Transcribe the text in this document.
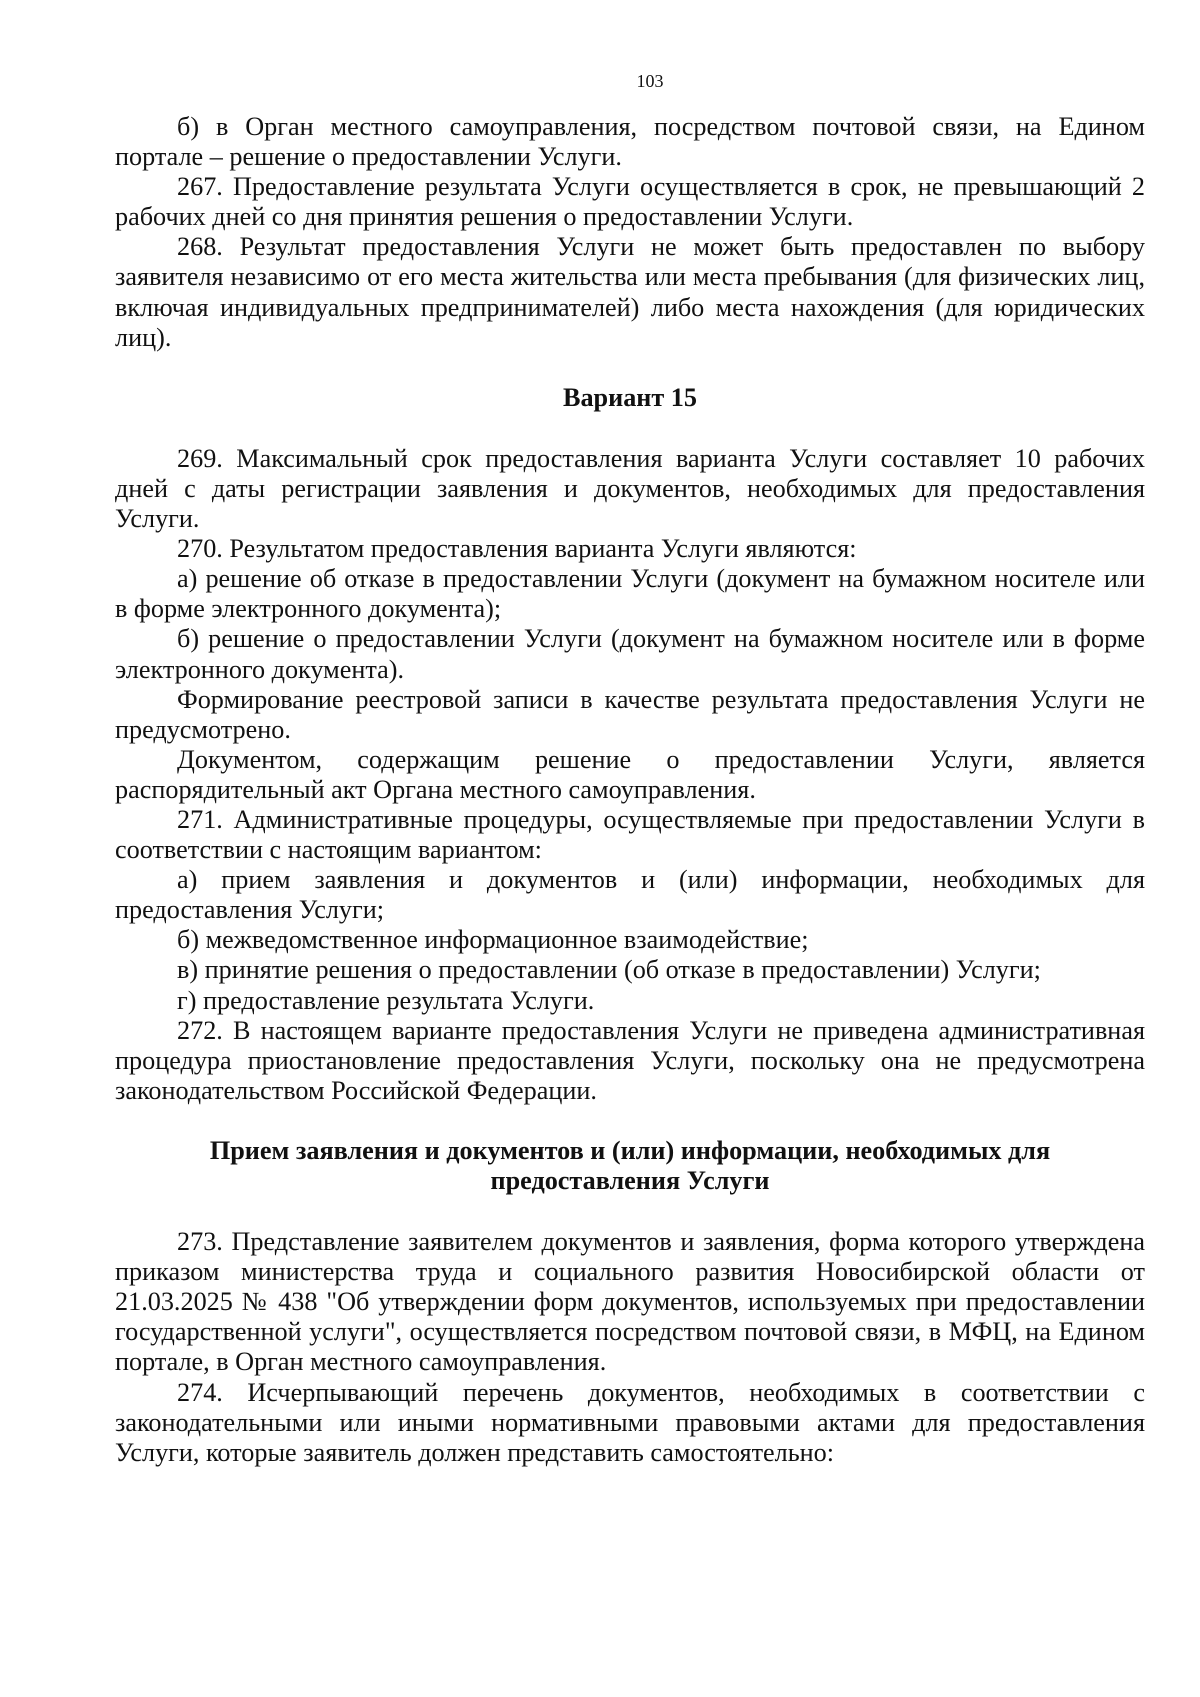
103

б) в Орган местного самоуправления, посредством почтовой связи, на Едином портале – решение о предоставлении Услуги.

267. Предоставление результата Услуги осуществляется в срок, не превышающий 2 рабочих дней со дня принятия решения о предоставлении Услуги.

268. Результат предоставления Услуги не может быть предоставлен по выбору заявителя независимо от его места жительства или места пребывания (для физических лиц, включая индивидуальных предпринимателей) либо места нахождения (для юридических лиц).

Вариант 15

269. Максимальный срок предоставления варианта Услуги составляет 10 рабочих дней с даты регистрации заявления и документов, необходимых для предоставления Услуги.

270. Результатом предоставления варианта Услуги являются:

а) решение об отказе в предоставлении Услуги (документ на бумажном носителе или в форме электронного документа);

б) решение о предоставлении Услуги (документ на бумажном носителе или в форме электронного документа).

Формирование реестровой записи в качестве результата предоставления Услуги не предусмотрено.

Документом, содержащим решение о предоставлении Услуги, является распорядительный акт Органа местного самоуправления.

271. Административные процедуры, осуществляемые при предоставлении Услуги в соответствии с настоящим вариантом:

а) прием заявления и документов и (или) информации, необходимых для предоставления Услуги;

б) межведомственное информационное взаимодействие;

в) принятие решения о предоставлении (об отказе в предоставлении) Услуги;

г) предоставление результата Услуги.

272. В настоящем варианте предоставления Услуги не приведена административная процедура приостановление предоставления Услуги, поскольку она не предусмотрена законодательством Российской Федерации.

Прием заявления и документов и (или) информации, необходимых для предоставления Услуги

273. Представление заявителем документов и заявления, форма которого утверждена приказом министерства труда и социального развития Новосибирской области от 21.03.2025 № 438 "Об утверждении форм документов, используемых при предоставлении государственной услуги", осуществляется посредством почтовой связи, в МФЦ, на Едином портале, в Орган местного самоуправления.

274. Исчерпывающий перечень документов, необходимых в соответствии с законодательными или иными нормативными правовыми актами для предоставления Услуги, которые заявитель должен представить самостоятельно:
